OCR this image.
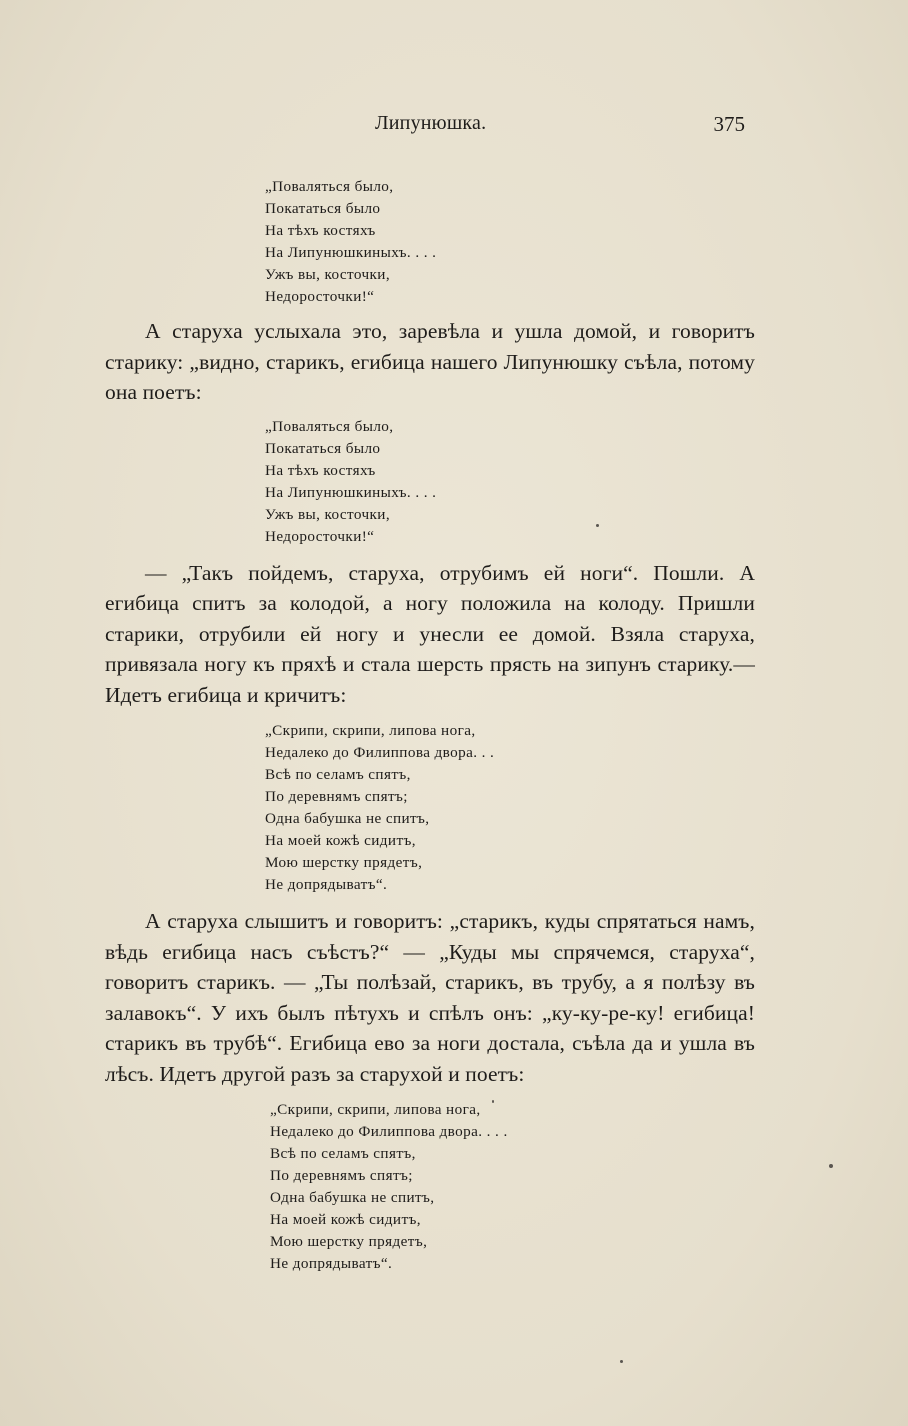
Липунюшка.	375
„Поваляться было,
Покататься было
На тѣхъ костяхъ
На Липунюшкиныхъ. . . .
Ужъ вы, косточки,
Недоросточки!“

А старуха услыхала это, заревѣла и ушла домой, и говоритъ старику: „видно, старикъ, егибица нашего Липунюшку съѣла, потому она поетъ:

„Поваляться было,
Покататься было
На тѣхъ костяхъ
На Липунюшкиныхъ. . . .
Ужъ вы, косточки,
Недоросточки!“

— „Такъ пойдемъ, старуха, отрубимъ ей ноги“. Пошли. А егибица спитъ за колодой, а ногу положила на колоду. Пришли старики, отрубили ей ногу и унесли ее домой. Взяла старуха, привязала ногу къ пряхѣ и стала шерсть прясть на зипунъ старику.—Идетъ егибица и кричитъ:

„Скрипи, скрипи, липова нога,
Недалеко до Филиппова двора. . .
Всѣ по селамъ спятъ,
По деревнямъ спятъ;
Одна бабушка не спитъ,
На моей кожѣ сидитъ,
Мою шерстку прядетъ,
Не допрядыватъ“.

А старуха слышитъ и говоритъ: „старикъ, куды спрятаться намъ, вѣдь егибица насъ съѣстъ?“ — „Куды мы спрячемся, старуха“, говоритъ старикъ. — „Ты полѣзай, старикъ, въ трубу, а я полѣзу въ залавокъ“. У ихъ былъ пѣтухъ и спѣлъ онъ: „ку-ку-ре-ку! егибица! старикъ въ трубѣ“. Егибица ево за ноги достала, съѣла да и ушла въ лѣсъ. Идетъ другой разъ за старухой и поетъ:

„Скрипи, скрипи, липова нога,
Недалеко до Филиппова двора. . . .
Всѣ по селамъ спятъ,
По деревнямъ спятъ;
Одна бабушка не спитъ,
На моей кожѣ сидитъ,
Мою шерстку прядетъ,
Не допрядыватъ“.
